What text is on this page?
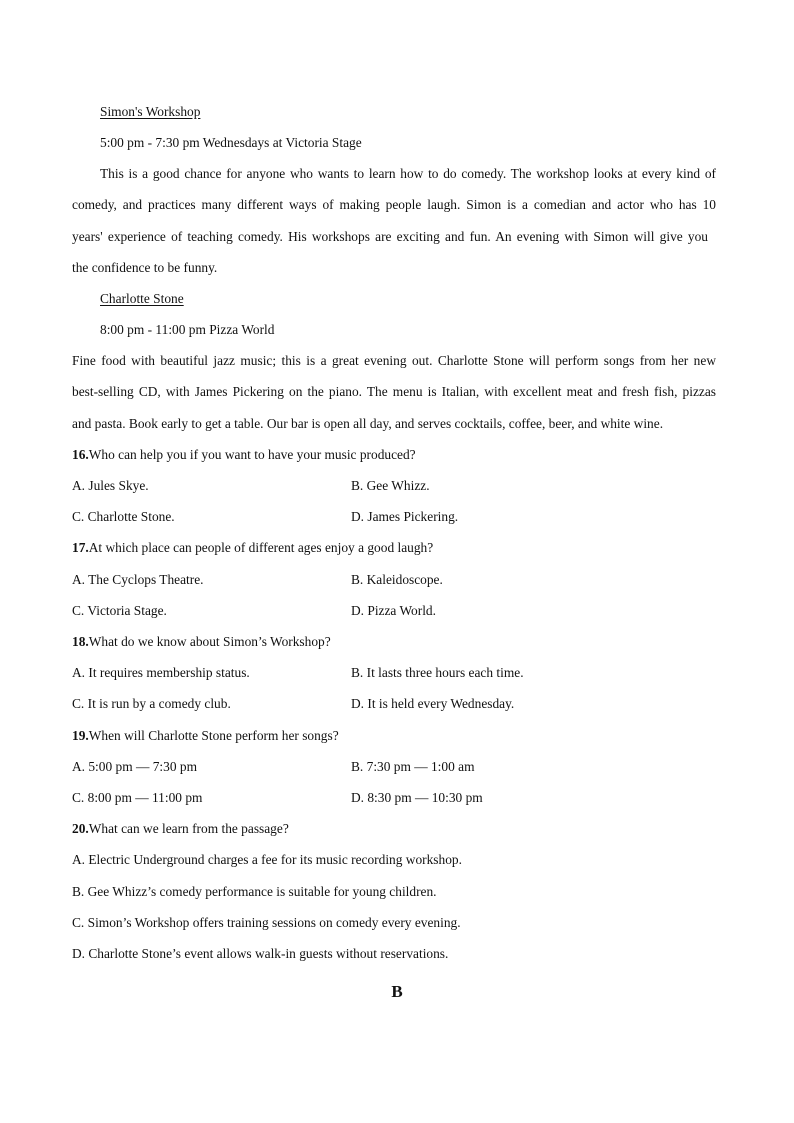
Simon's Workshop
5:00 pm - 7:30 pm Wednesdays at Victoria Stage
This is a good chance for anyone who wants to learn how to do comedy. The workshop looks at every kind of
comedy, and practices many different ways of making people laugh. Simon is a comedian and actor who has 10
years' experience of teaching comedy. His workshops are exciting and fun. An evening with Simon will give you
the confidence to be funny.
Charlotte Stone
8:00 pm - 11:00 pm Pizza World
Fine food with beautiful jazz music; this is a great evening out. Charlotte Stone will perform songs from her new
best-selling CD, with James Pickering on the piano. The menu is Italian, with excellent meat and fresh fish, pizzas
and pasta. Book early to get a table. Our bar is open all day, and serves cocktails, coffee, beer, and white wine.
16.Who can help you if you want to have your music produced?
A. Jules Skye.	B. Gee Whizz.
C. Charlotte Stone.	D. James Pickering.
17.At which place can people of different ages enjoy a good laugh?
A. The Cyclops Theatre.	B. Kaleidoscope.
C. Victoria Stage.	D. Pizza World.
18.What do we know about Simon’s Workshop?
A. It requires membership status.	B. It lasts three hours each time.
C. It is run by a comedy club.	D. It is held every Wednesday.
19.When will Charlotte Stone perform her songs?
A. 5:00 pm — 7:30 pm	B. 7:30 pm — 1:00 am
C. 8:00 pm — 11:00 pm	D. 8:30 pm — 10:30 pm
20.What can we learn from the passage?
A. Electric Underground charges a fee for its music recording workshop.
B. Gee Whizz’s comedy performance is suitable for young children.
C. Simon’s Workshop offers training sessions on comedy every evening.
D. Charlotte Stone’s event allows walk-in guests without reservations.
B
